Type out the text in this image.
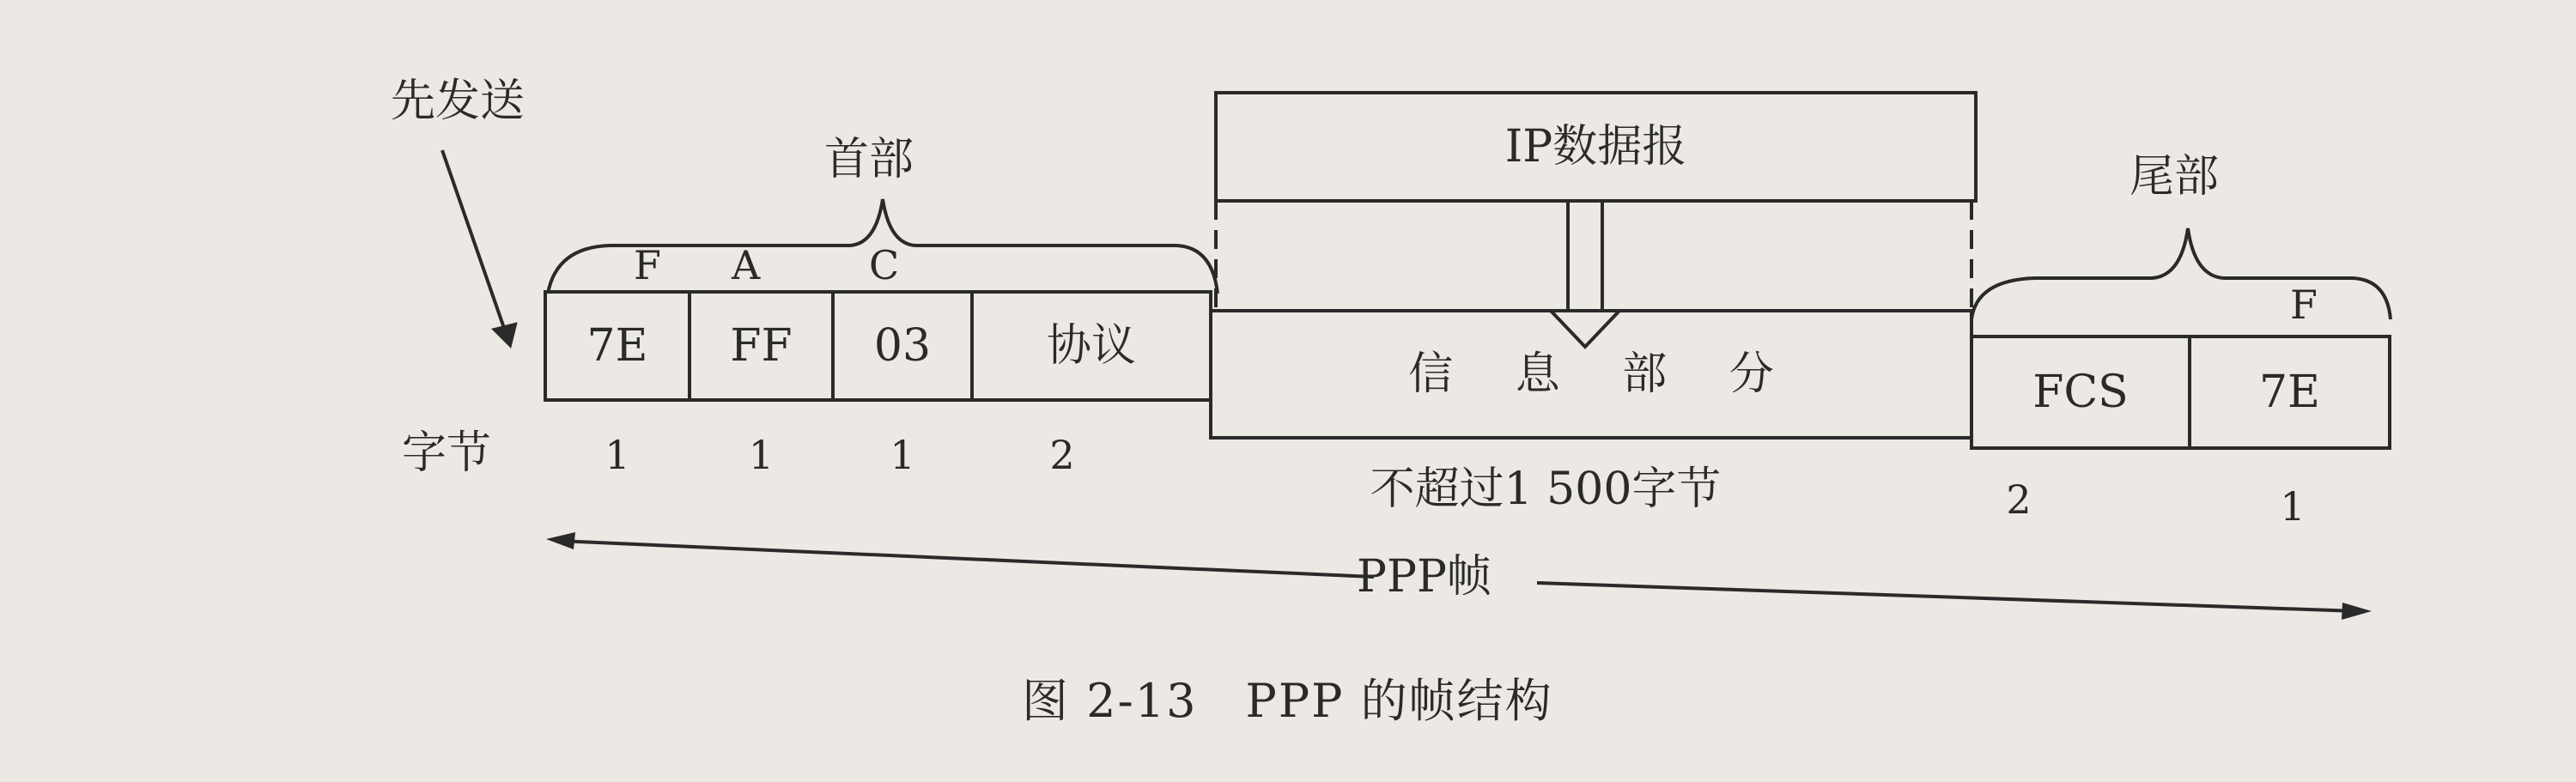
先发送
首部	尾部
F A	C
F
IP数据报
7E	FF	03	协议
信 息 部 分	FCS	7E
字节	1	1	1	2
不超过1 500字节	2	1
PPP帧
图 2-13　PPP 的帧结构
